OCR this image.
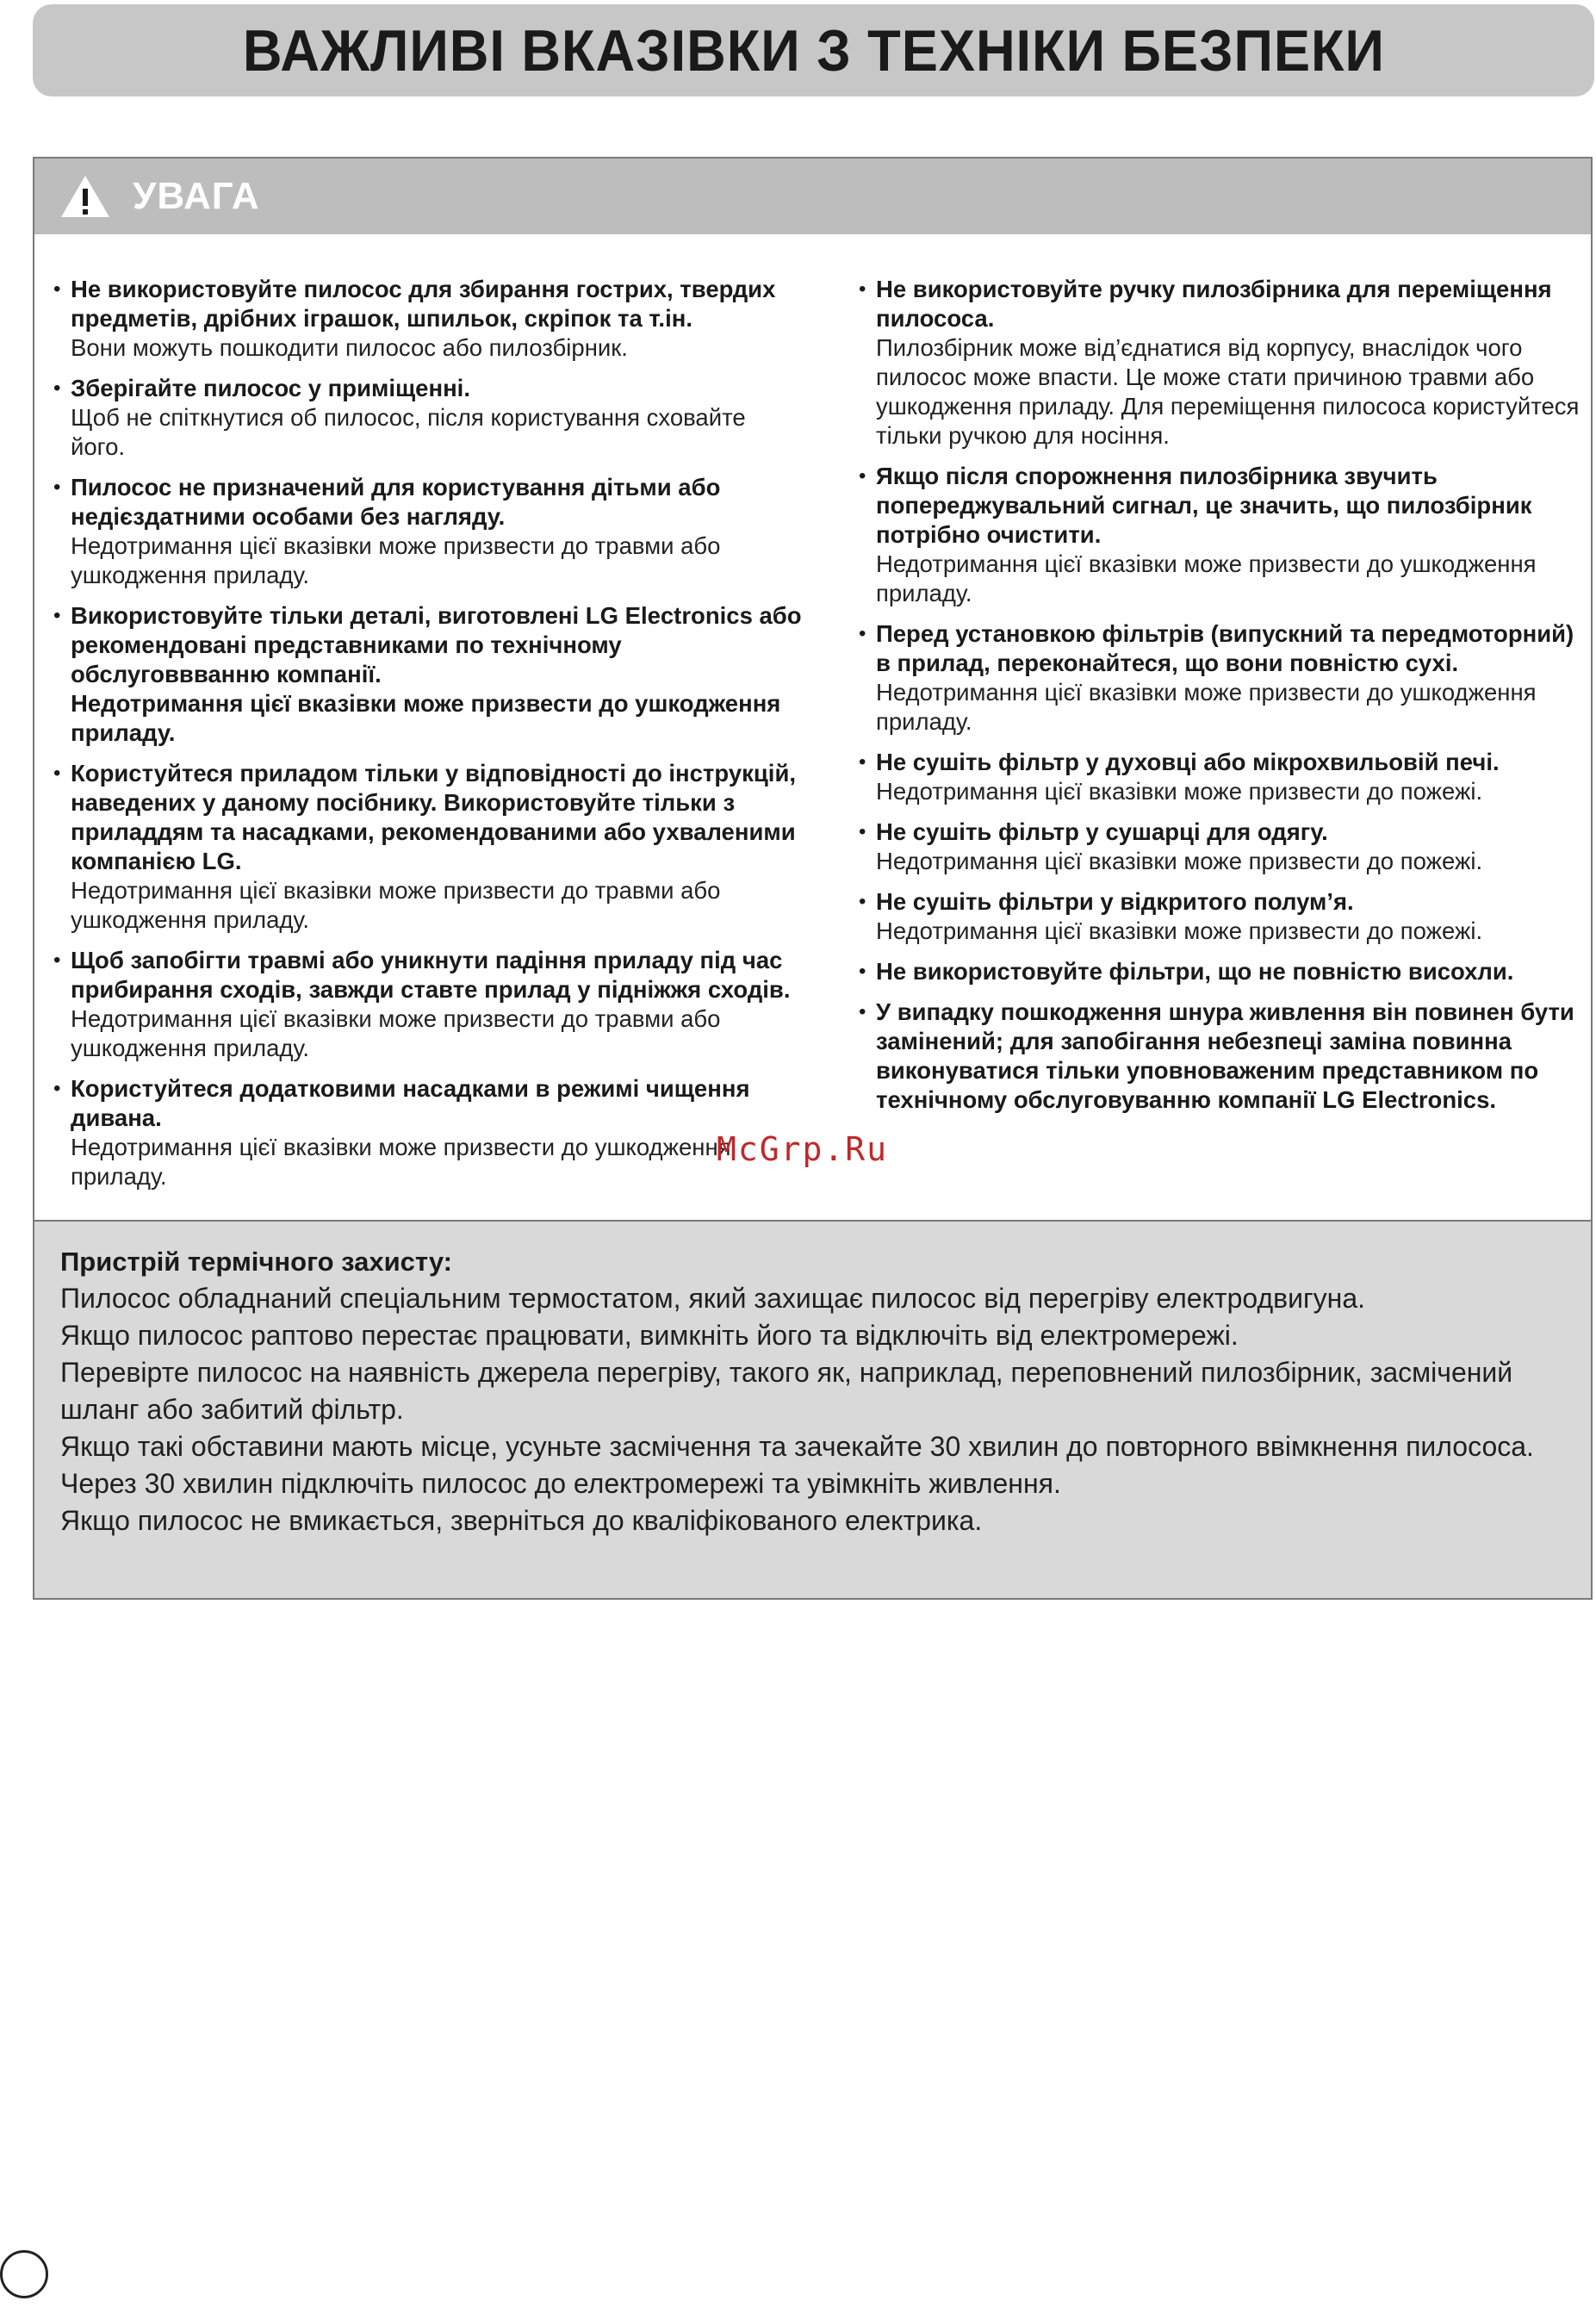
ВАЖЛИВІ ВКАЗІВКИ З ТЕХНІКИ БЕЗПЕКИ
УВАГА
• Не використовуйте пилосос для збирання гострих, твердих предметів, дрібних іграшок, шпильок, скріпок та т.ін.
Вони можуть пошкодити пилосос або пилозбірник.
• Зберігайте пилосос у приміщенні.
Щоб не спіткнутися об пилосос, після користування сховайте його.
• Пилосос не призначений для користування дітьми або недієздатними особами без нагляду.
Недотримання цієї вказівки може призвести до травми або ушкодження приладу.
• Використовуйте тільки деталі, виготовлені LG Electronics або рекомендовані представниками по технічному обслуговвванню компанії.
Недотримання цієї вказівки може призвести до ушкодження приладу.
• Користуйтеся приладом тільки у відповідності до інструкцій, наведених у даному посібнику. Використовуйте тільки з приладдям та насадками, рекомендованими або ухваленими компанією LG.
Недотримання цієї вказівки може призвести до травми або ушкодження приладу.
• Щоб запобігти травмі або уникнути падіння приладу під час прибирання сходів, завжди ставте прилад у підніжжя сходів.
Недотримання цієї вказівки може призвести до травми або ушкодження приладу.
• Користуйтеся додатковими насадками в режимі чищення дивана.
Недотримання цієї вказівки може призвести до ушкодження приладу.
• Не використовуйте ручку пилозбірника для переміщення пилососа.
Пилозбірник може від’єднатися від корпусу, внаслідок чого пилосос може впасти. Це може стати причиною травми або ушкодження приладу. Для переміщення пилососа користуйтеся тільки ручкою для носіння.
• Якщо після спорожнення пилозбірника звучить попереджувальний сигнал, це значить, що пилозбірник потрібно очистити.
Недотримання цієї вказівки може призвести до ушкодження приладу.
• Перед установкою фільтрів (випускний та передмоторний) в прилад, переконайтеся, що вони повністю сухі.
Недотримання цієї вказівки може призвести до ушкодження приладу.
• Не сушіть фільтр у духовці або мікрохвильовій печі.
Недотримання цієї вказівки може призвести до пожежі.
• Не сушіть фільтр у сушарці для одягу.
Недотримання цієї вказівки може призвести до пожежі.
• Не сушіть фільтри у відкритого полум’я.
Недотримання цієї вказівки може призвести до пожежі.
• Не використовуйте фільтри, що не повністю висохли.
• У випадку пошкодження шнура живлення він повинен бути замінений; для запобігання небезпеці заміна повинна виконуватися тільки уповноваженим представником по технічному обслуговуванню компанії LG Electronics.
Пристрій термічного захисту:

Пилосос обладнаний спеціальним термостатом, який захищає пилосос від перегріву електродвигуна.

Якщо пилосос раптово перестає працювати, вимкніть його та відключіть від електромережі.

Перевірте пилосос на наявність джерела перегріву, такого як, наприклад, переповнений пилозбірник, засмічений шланг або забитий фільтр.

Якщо такі обставини мають місце, усуньте засмічення та зачекайте 30 хвилин до повторного ввімкнення пилососа.

Через 30 хвилин підключіть пилосос до електромережі та увімкніть живлення.

Якщо пилосос не вмикається, зверніться до кваліфікованого електрика.

McGrp.Ru
